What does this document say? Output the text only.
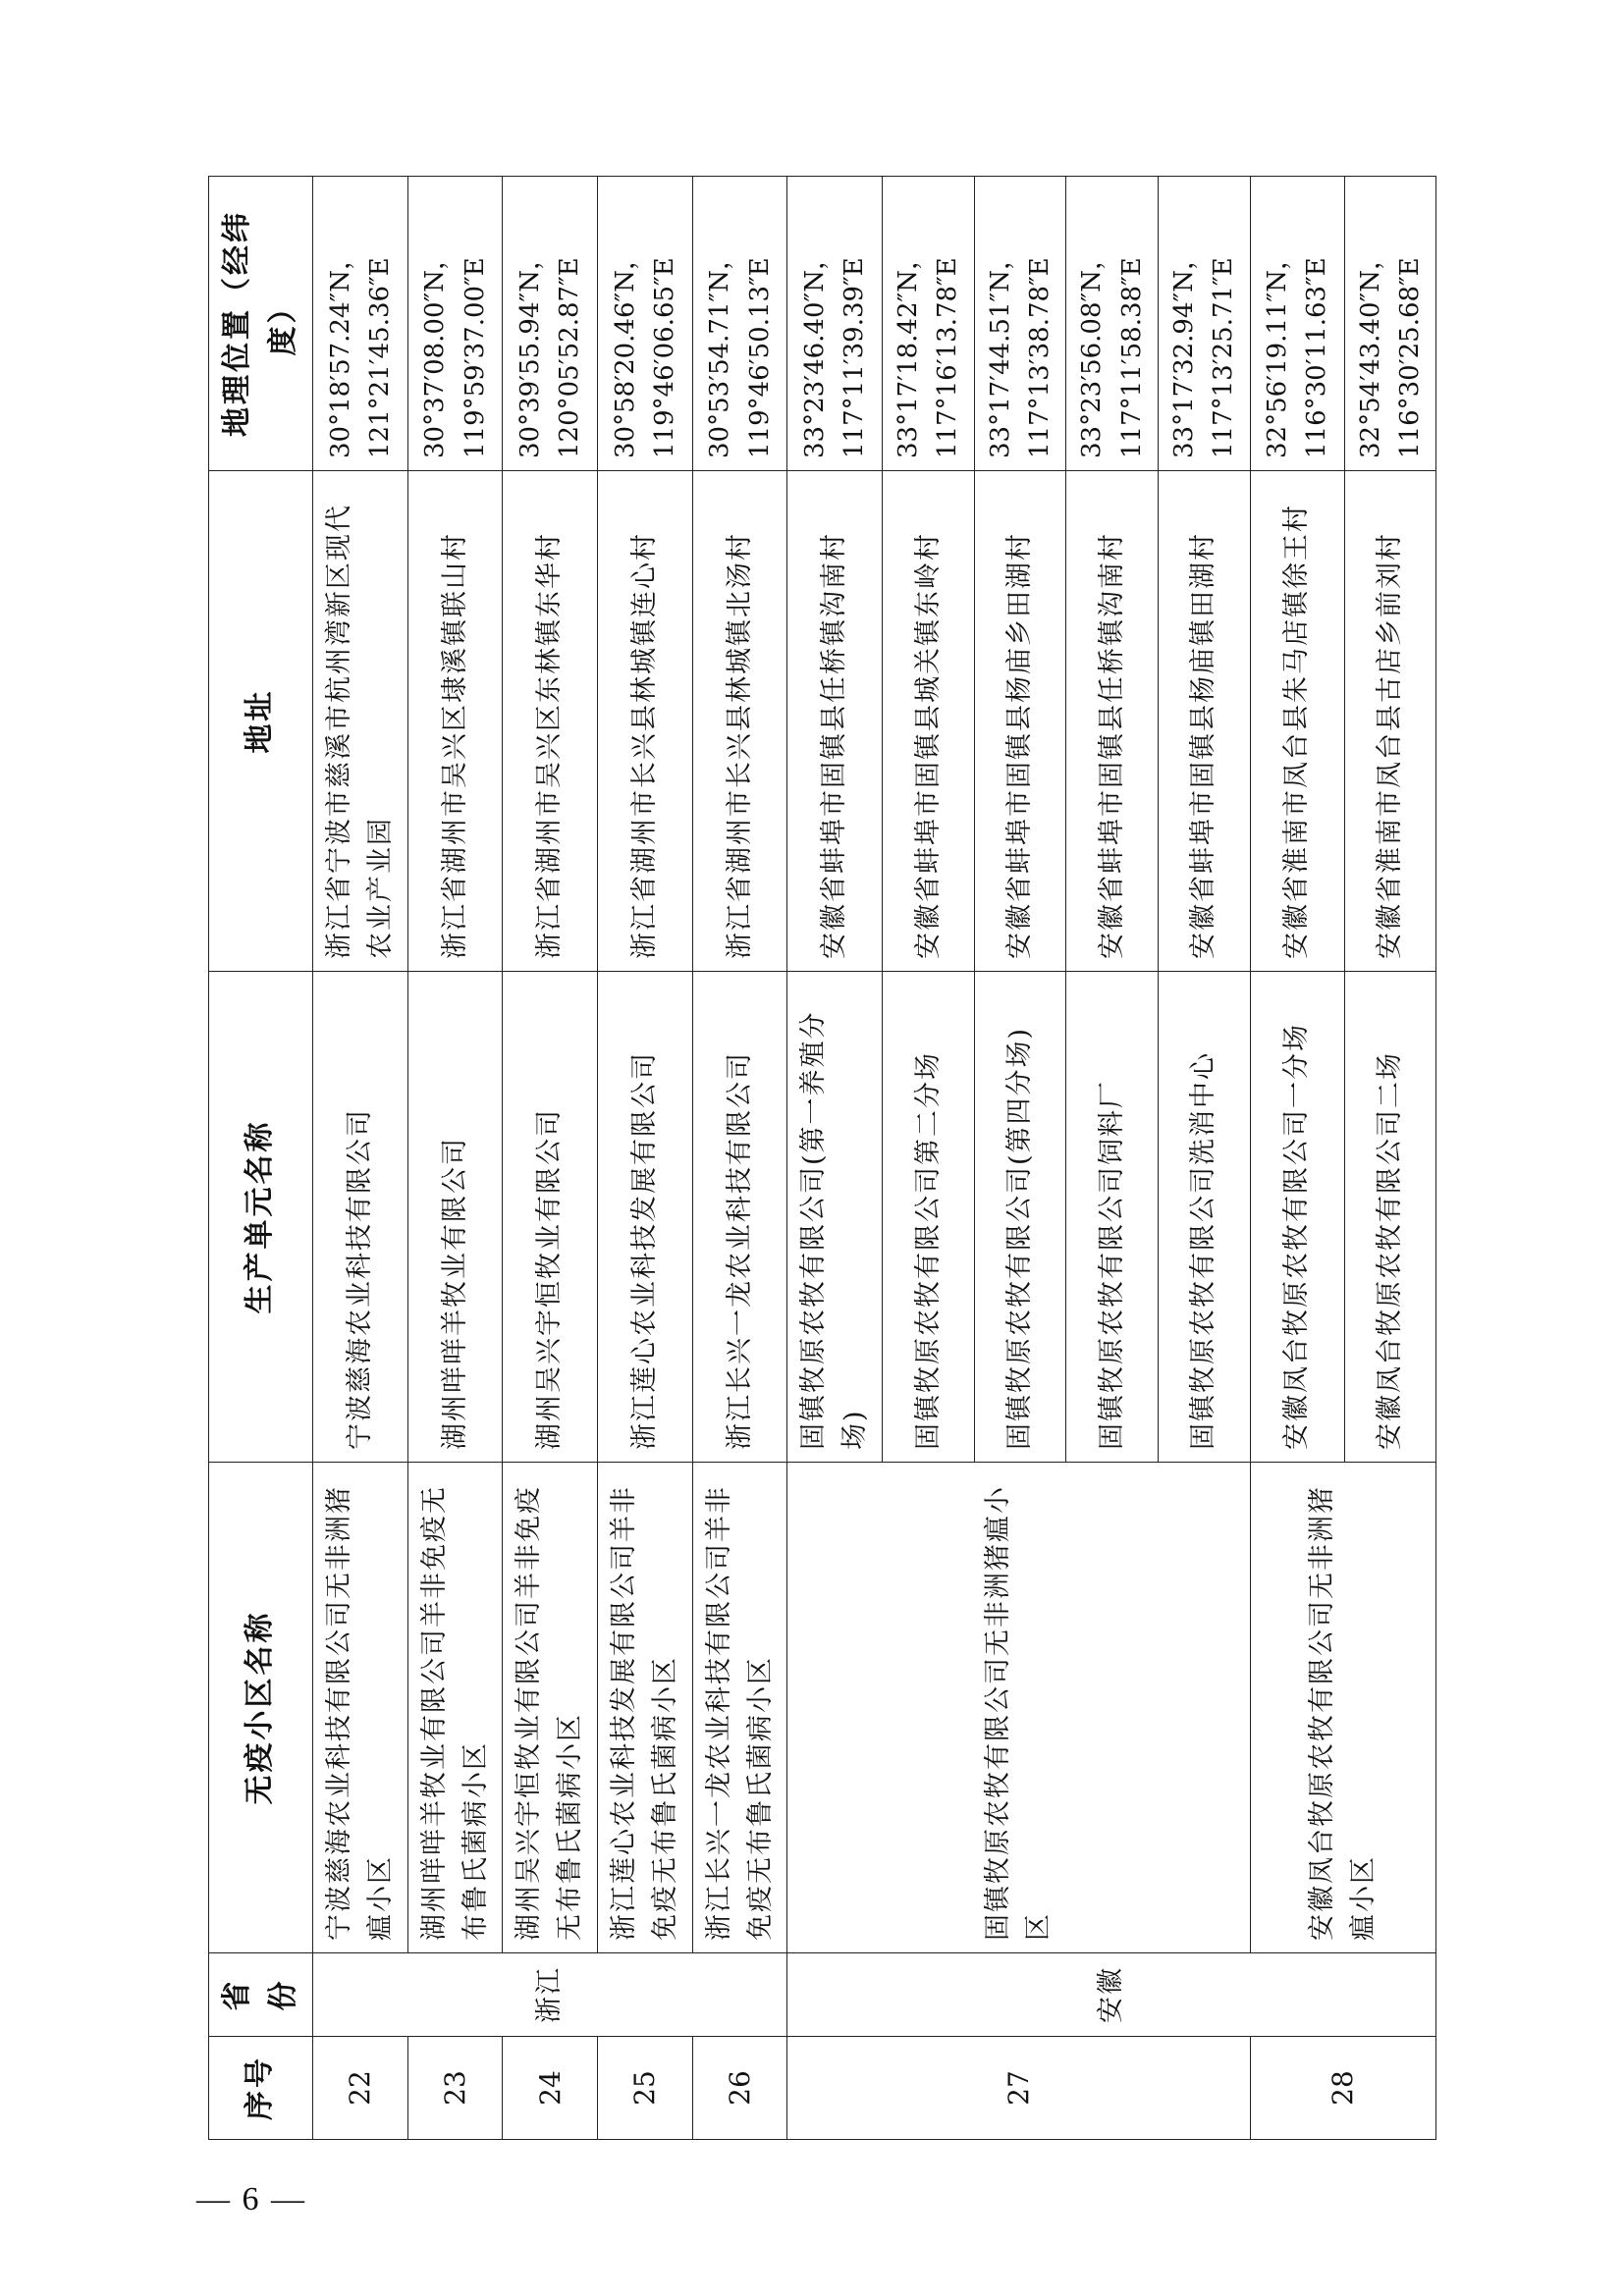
序号	省份	无疫小区名称	生产单元名称	地址	地理位置（经纬度）
22	浙江	宁波慈海农业科技有限公司无非洲猪瘟小区	宁波慈海农业科技有限公司	浙江省宁波市慈溪市杭州湾新区现代农业产业园	30°18′57.24″N，121°21′45.36″E
23		湖州咩咩羊牧业有限公司羊非免疫无布鲁氏菌病小区	湖州咩咩羊牧业有限公司	浙江省湖州市吴兴区埭溪镇联山村	30°37′08.00″N，119°59′37.00″E
24		湖州吴兴宇恒牧业有限公司羊非免疫无布鲁氏菌病小区	湖州吴兴宇恒牧业有限公司	浙江省湖州市吴兴区东林镇东华村	30°39′55.94″N，120°05′52.87″E
25		浙江莲心农业科技发展有限公司羊非免疫无布鲁氏菌病小区	浙江莲心农业科技发展有限公司	浙江省湖州市长兴县林城镇连心村	30°58′20.46″N，119°46′06.65″E
26		浙江长兴一龙农业科技有限公司羊非免疫无布鲁氏菌病小区	浙江长兴一龙农业科技有限公司	浙江省湖州市长兴县林城镇北汤村	30°53′54.71″N，119°46′50.13″E
27	安徽	固镇牧原农牧有限公司无非洲猪瘟小区	固镇牧原农牧有限公司(第一养殖分场)	安徽省蚌埠市固镇县任桥镇沟南村	33°23′46.40″N，117°11′39.39″E
			固镇牧原农牧有限公司第二分场	安徽省蚌埠市固镇县城关镇东岭村	33°17′18.42″N，117°16′13.78″E
			固镇牧原农牧有限公司(第四分场)	安徽省蚌埠市固镇县杨庙乡田湖村	33°17′44.51″N，117°13′38.78″E
			固镇牧原农牧有限公司饲料厂	安徽省蚌埠市固镇县任桥镇沟南村	33°23′56.08″N，117°11′58.38″E
			固镇牧原农牧有限公司洗消中心	安徽省蚌埠市固镇县杨庙镇田湖村	33°17′32.94″N，117°13′25.71″E
28		安徽凤台牧原农牧有限公司无非洲猪瘟小区	安徽凤台牧原农牧有限公司一分场	安徽省淮南市凤台县朱马店镇徐王村	32°56′19.11″N，116°30′11.63″E
			安徽凤台牧原农牧有限公司二场	安徽省淮南市凤台县古店乡前刘村	32°54′43.40″N，116°30′25.68″E
— 6 —
